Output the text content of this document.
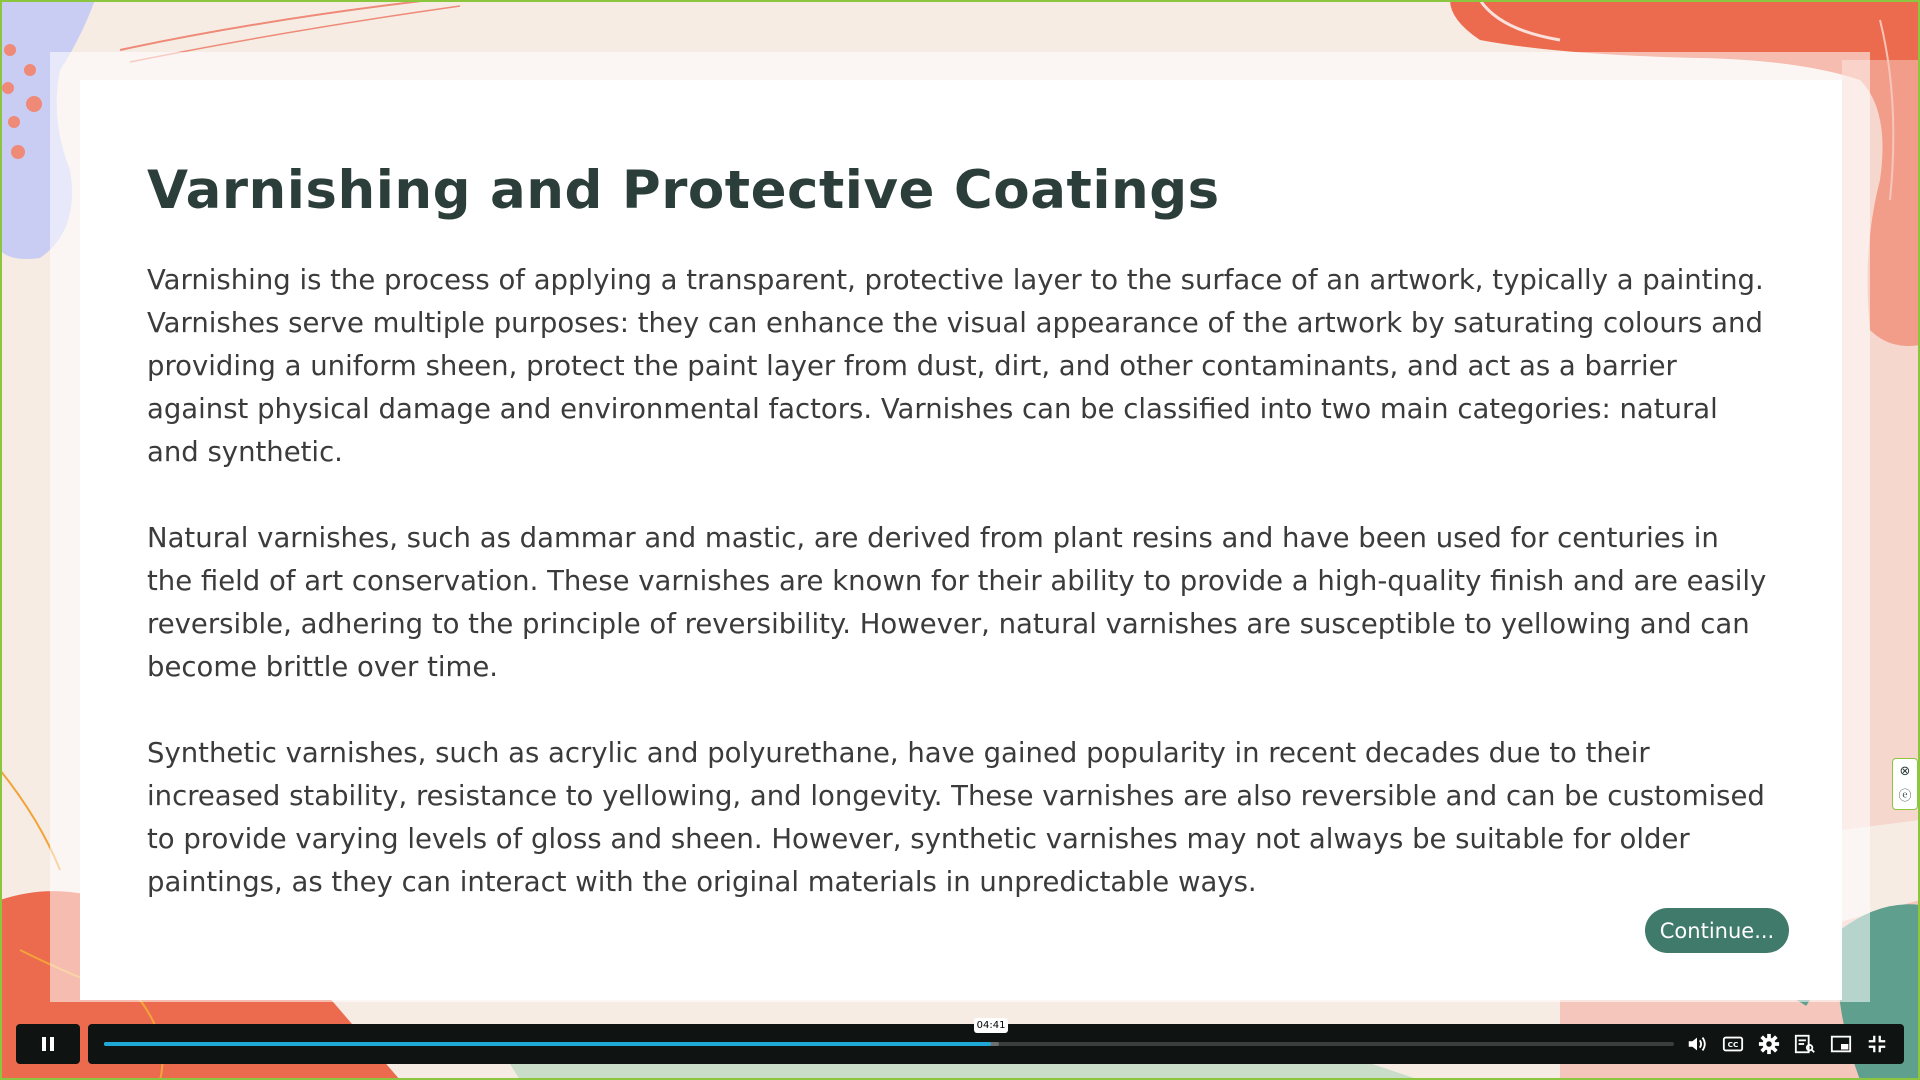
Varnishing and Protective Coatings

Varnishing is the process of applying a transparent, protective layer to the surface of an artwork, typically a painting. Varnishes serve multiple purposes: they can enhance the visual appearance of the artwork by saturating colours and providing a uniform sheen, protect the paint layer from dust, dirt, and other contaminants, and act as a barrier against physical damage and environmental factors. Varnishes can be classified into two main categories: natural and synthetic.

Natural varnishes, such as dammar and mastic, are derived from plant resins and have been used for centuries in the field of art conservation. These varnishes are known for their ability to provide a high-quality finish and are easily reversible, adhering to the principle of reversibility. However, natural varnishes are susceptible to yellowing and can become brittle over time.

Synthetic varnishes, such as acrylic and polyurethane, have gained popularity in recent decades due to their increased stability, resistance to yellowing, and longevity. These varnishes are also reversible and can be customised to provide varying levels of gloss and sheen. However, synthetic varnishes may not always be suitable for older paintings, as they can interact with the original materials in unpredictable ways.

Continue...
⊗
ⓔ
04:41
CC
